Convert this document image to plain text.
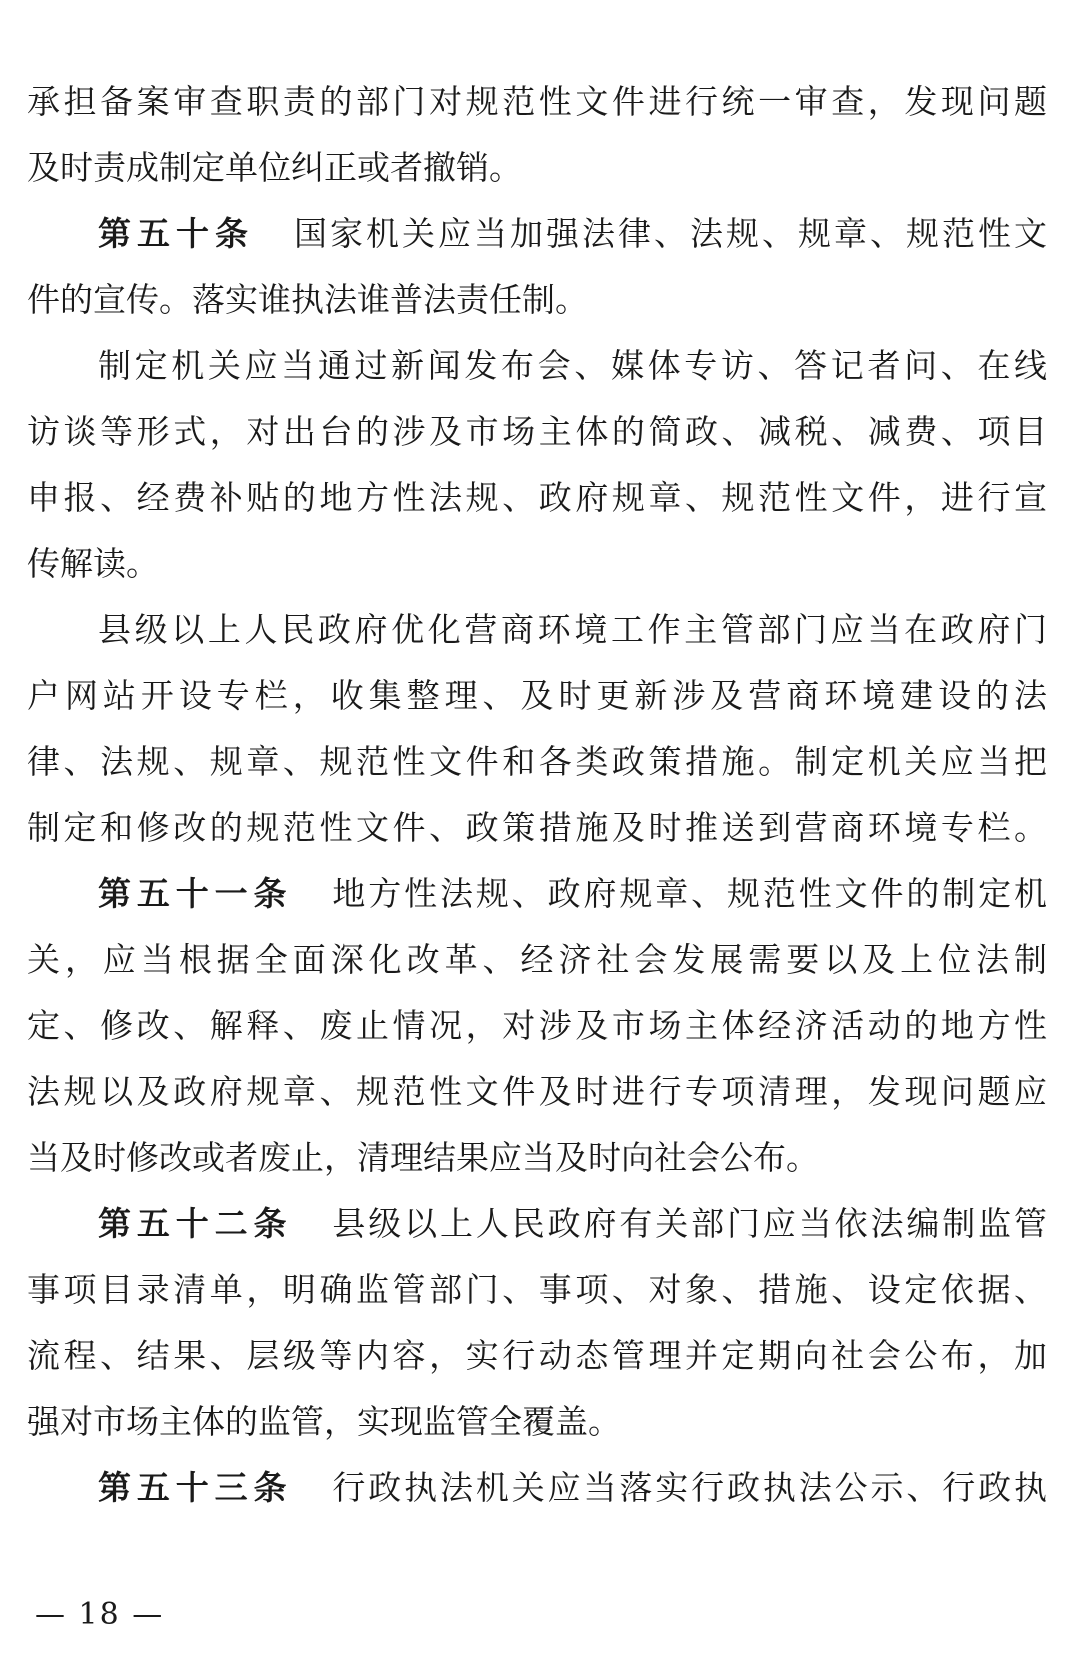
承担备案审查职责的部门对规范性文件进行统一审查，发现问题
及时责成制定单位纠正或者撤销。
第五十条 国家机关应当加强法律、法规、规章、规范性文
件的宣传。落实谁执法谁普法责任制。
制定机关应当通过新闻发布会、媒体专访、答记者问、在线
访谈等形式，对出台的涉及市场主体的简政、减税、减费、项目
申报、经费补贴的地方性法规、政府规章、规范性文件，进行宣
传解读。
县级以上人民政府优化营商环境工作主管部门应当在政府门
户网站开设专栏，收集整理、及时更新涉及营商环境建设的法
律、法规、规章、规范性文件和各类政策措施。制定机关应当把
制定和修改的规范性文件、政策措施及时推送到营商环境专栏。
第五十一条 地方性法规、政府规章、规范性文件的制定机
关，应当根据全面深化改革、经济社会发展需要以及上位法制
定、修改、解释、废止情况，对涉及市场主体经济活动的地方性
法规以及政府规章、规范性文件及时进行专项清理，发现问题应
当及时修改或者废止，清理结果应当及时向社会公布。
第五十二条 县级以上人民政府有关部门应当依法编制监管
事项目录清单，明确监管部门、事项、对象、措施、设定依据、
流程、结果、层级等内容，实行动态管理并定期向社会公布，加
强对市场主体的监管，实现监管全覆盖。
第五十三条 行政执法机关应当落实行政执法公示、行政执
— 18 —
